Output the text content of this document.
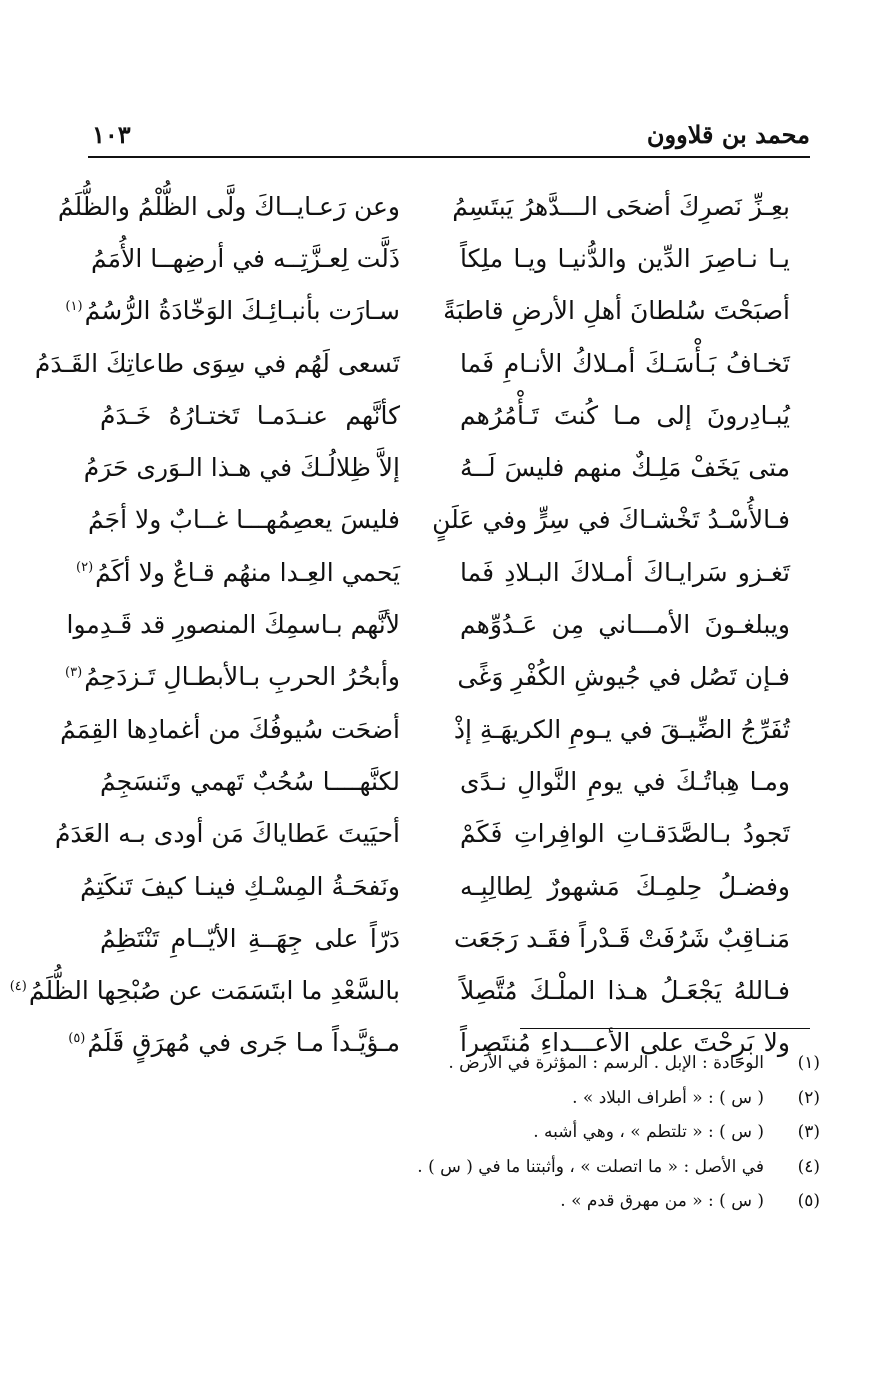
محمد بن قلاوون
١٠٣
بعِـزِّ نَصرِكَ أضحَى الـــدَّهرُ يَبتَسِمُ
وعن رَعـايــاكَ ولَّى الظُّلْمُ والظُّلَمُ
يـا نـاصِرَ الدِّين والدُّنيـا ويـا ملِكاً
ذَلَّت لِعـزَّتِــه في أرضِهــا الأُمَمُ
أصبَحْتَ سُلطانَ أهلِ الأرضِ قاطبَةً
سـارَت بأنبـائِـكَ الوَخّادَةُ الرُّسُمُ$^{(١)}$
تَخـافُ بَـأْسَـكَ أمـلاكُ الأنـامِ فَما
تَسعى لَهُم في سِوَى طاعاتِكَ القَـدَمُ
يُبـادِرونَ إلى مـا كُنتَ تَـأْمُرُهم
كأنَّهم عنـدَمـا تَختـارُهُ خَـدَمُ
متى يَخَفْ مَلِـكٌ منهم فليسَ لَــهُ
إلاَّ ظِلالُـكَ في هـذا الـوَرى حَرَمُ
فـالأُسْـدُ تَخْشـاكَ في سِرٍّ وفي عَلَنٍ
فليسَ يعصِمُهـــا غــابٌ ولا أجَمُ
تَغـزو سَرايـاكَ أمـلاكَ البـلادِ فَما
يَحمي العِـدا منهُم قـاعٌ ولا أكَمُ$^{(٢)}$
ويبلغـونَ الأمـــاني مِن عَـدُوِّهم
لأنَّهم بـاسمِكَ المنصورِ قد قَـدِموا
فـإن تَصُل في جُيوشِ الكُفْرِ وَغًى
وأبحُرُ الحربِ بـالأبطـالِ تَـزدَحِمُ$^{(٣)}$
تُفَرِّجُ الضِّيـقَ في يـومِ الكريهَـةِ إذْ
أضحَت سُيوفُكَ من أغمادِها القِمَمُ
ومـا هِباتُـكَ في يومِ النَّوالِ نـدًى
لكنَّهــــا سُحُبٌ تَهمي وتَنسَجِمُ
تَجودُ بـالصَّدَقـاتِ الوافِراتِ فَكَمْ
أحيَيتَ عَطاياكَ مَن أودى بـه العَدَمُ
وفضـلُ حِلمِـكَ مَشهورٌ لِطالِبِـه
ونَفحَـةُ المِسْـكِ فينـا كيفَ تَنكَتِمُ
مَنـاقِبٌ شَرُفَتْ قَـدْراً فقَـد رَجَعَت
دَرّاً على جِهَــةِ الأيّــامِ تَنْتَظِمُ
فـاللهُ يَجْعَـلُ هـذا الملْـكَ مُتَّصِلاً
بالسَّعْدِ ما ابتَسَمَت عن صُبْحِها الظُّلَمُ$^{(٤)}$
ولا بَرِحْتَ على الأعـــداءِ مُنتَصِراً
مـؤيَّـداً مـا جَرى في مُهرَقٍ قَلَمُ$^{(٥)}$
(١)
الوخادة : الإبل . الرسم : المؤثرة في الأرض .
(٢)
( س ) : « أطراف البلاد » .
(٣)
( س ) : « تلتطم » ، وهي أشبه .
(٤)
في الأصل : « ما اتصلت » ، وأثبتنا ما في ( س ) .
(٥)
( س ) : « من مهرق قدم » .
